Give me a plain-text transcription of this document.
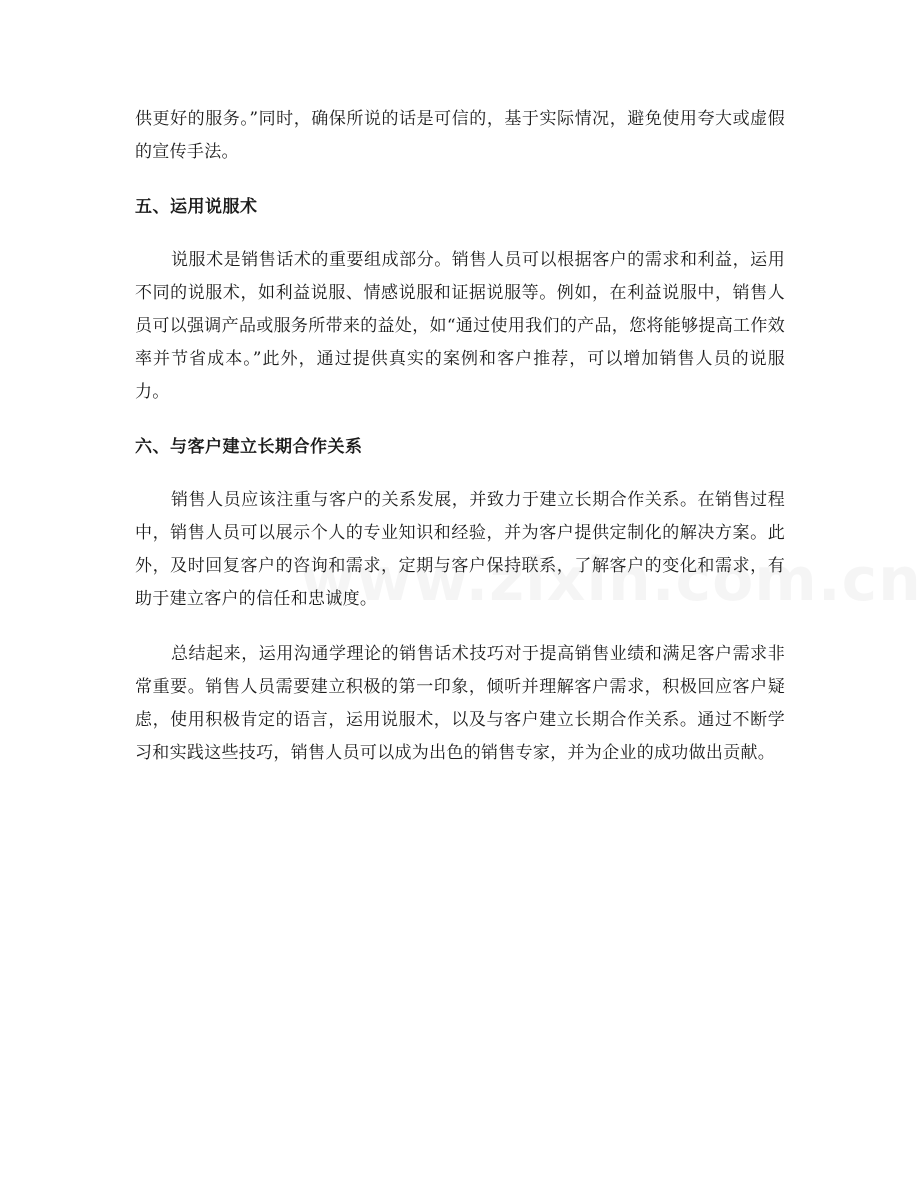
供更好的服务。”同时，确保所说的话是可信的，基于实际情况，避免使用夸大或虚假的宣传手法。

五、运用说服术

说服术是销售话术的重要组成部分。销售人员可以根据客户的需求和利益，运用不同的说服术，如利益说服、情感说服和证据说服等。例如，在利益说服中，销售人员可以强调产品或服务所带来的益处，如“通过使用我们的产品，您将能够提高工作效率并节省成本。”此外，通过提供真实的案例和客户推荐，可以增加销售人员的说服力。

六、与客户建立长期合作关系

销售人员应该注重与客户的关系发展，并致力于建立长期合作关系。在销售过程中，销售人员可以展示个人的专业知识和经验，并为客户提供定制化的解决方案。此外，及时回复客户的咨询和需求，定期与客户保持联系，了解客户的变化和需求，有助于建立客户的信任和忠诚度。

总结起来，运用沟通学理论的销售话术技巧对于提高销售业绩和满足客户需求非常重要。销售人员需要建立积极的第一印象，倾听并理解客户需求，积极回应客户疑虑，使用积极肯定的语言，运用说服术，以及与客户建立长期合作关系。通过不断学习和实践这些技巧，销售人员可以成为出色的销售专家，并为企业的成功做出贡献。
